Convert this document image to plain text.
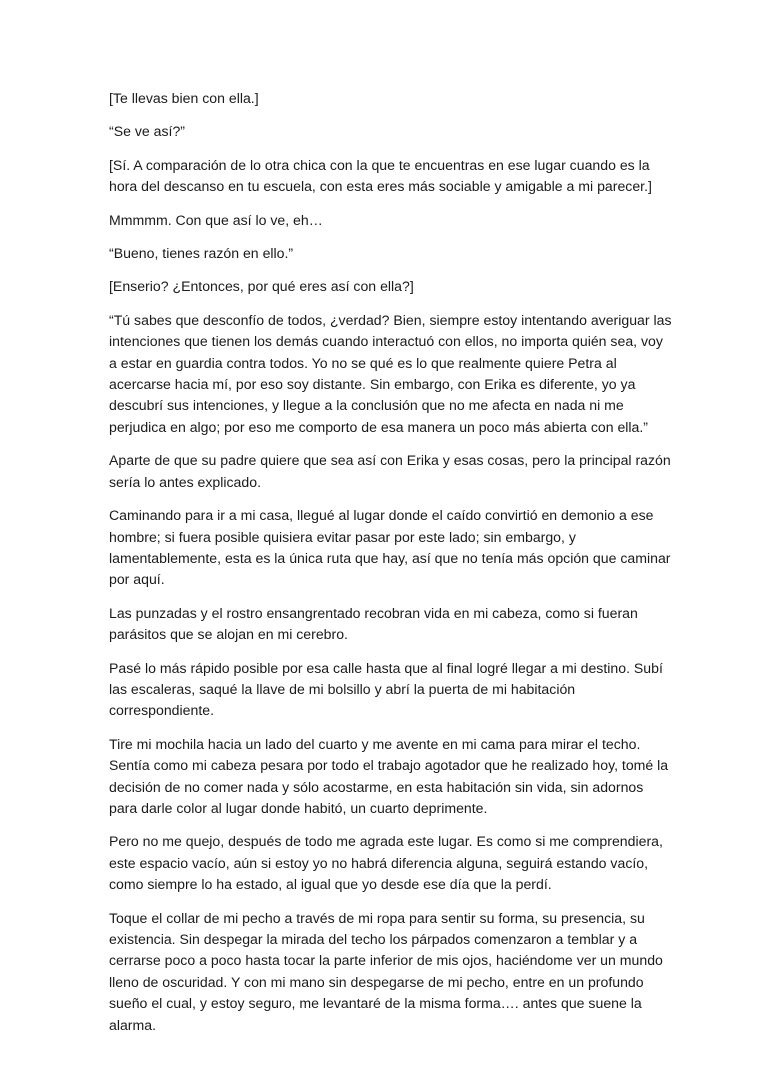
[Te llevas bien con ella.]

“Se ve así?”

[Sí. A comparación de lo otra chica con la que te encuentras en ese lugar cuando es la hora del descanso en tu escuela, con esta eres más sociable y amigable a mi parecer.]

Mmmmm. Con que así lo ve, eh…

“Bueno, tienes razón en ello.”

[Enserio? ¿Entonces, por qué eres así con ella?]

“Tú sabes que desconfío de todos, ¿verdad? Bien, siempre estoy intentando averiguar las intenciones que tienen los demás cuando interactuó con ellos, no importa quién sea, voy a estar en guardia contra todos. Yo no se qué es lo que realmente quiere Petra al acercarse hacia mí, por eso soy distante. Sin embargo, con Erika es diferente, yo ya descubrí sus intenciones, y llegue a la conclusión que no me afecta en nada ni me perjudica en algo; por eso me comporto de esa manera un poco más abierta con ella.”

Aparte de que su padre quiere que sea así con Erika y esas cosas, pero la principal razón sería lo antes explicado.

Caminando para ir a mi casa, llegué al lugar donde el caído convirtió en demonio a ese hombre; si fuera posible quisiera evitar pasar por este lado; sin embargo, y lamentablemente, esta es la única ruta que hay, así que no tenía más opción que caminar por aquí.

Las punzadas y el rostro ensangrentado recobran vida en mi cabeza, como si fueran parásitos que se alojan en mi cerebro.

Pasé lo más rápido posible por esa calle hasta que al final logré llegar a mi destino. Subí las escaleras, saqué la llave de mi bolsillo y abrí la puerta de mi habitación correspondiente.

Tire mi mochila hacia un lado del cuarto y me avente en mi cama para mirar el techo. Sentía como mi cabeza pesara por todo el trabajo agotador que he realizado hoy, tomé la decisión de no comer nada y sólo acostarme, en esta habitación sin vida, sin adornos para darle color al lugar donde habitó, un cuarto deprimente.

Pero no me quejo, después de todo me agrada este lugar. Es como si me comprendiera, este espacio vacío, aún si estoy yo no habrá diferencia alguna, seguirá estando vacío, como siempre lo ha estado, al igual que yo desde ese día que la perdí.

Toque el collar de mi pecho a través de mi ropa para sentir su forma, su presencia, su existencia. Sin despegar la mirada del techo los párpados comenzaron a temblar y a cerrarse poco a poco hasta tocar la parte inferior de mis ojos, haciéndome ver un mundo lleno de oscuridad. Y con mi mano sin despegarse de mi pecho, entre en un profundo sueño el cual, y estoy seguro, me levantaré de la misma forma…. antes que suene la alarma.
